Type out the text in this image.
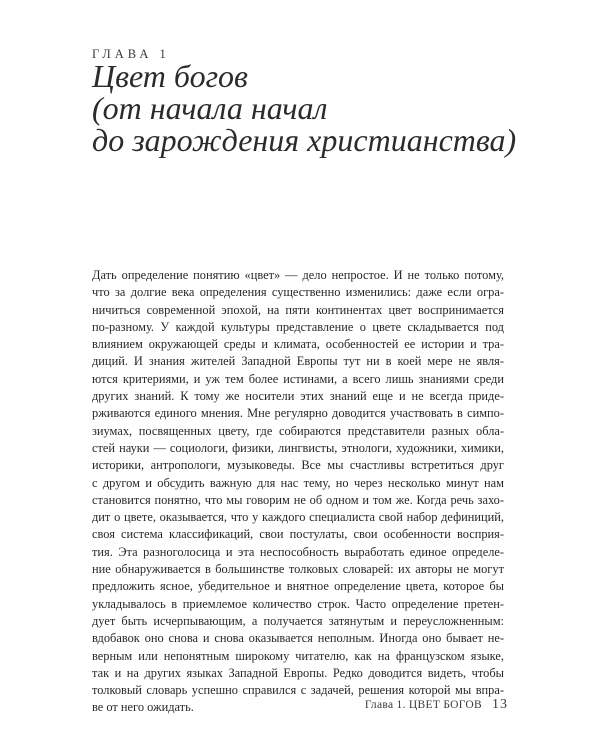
ГЛАВА 1
Цвет богов
(от начала начал
до зарождения христианства)
Дать определение понятию «цвет» — дело непростое. И не только потому,
что за долгие века определения существенно изменились: даже если огра-
ничиться современной эпохой, на пяти континентах цвет воспринимается
по-разному. У каждой культуры представление о цвете складывается под
влиянием окружающей среды и климата, особенностей ее истории и тра-
диций. И знания жителей Западной Европы тут ни в коей мере не явля-
ются критериями, и уж тем более истинами, а всего лишь знаниями среди
других знаний. К тому же носители этих знаний еще и не всегда приде-
рживаются единого мнения. Мне регулярно доводится участвовать в симпо-
зиумах, посвященных цвету, где собираются представители разных обла-
стей науки — социологи, физики, лингвисты, этнологи, художники, химики,
историки, антропологи, музыковеды. Все мы счастливы встретиться друг
с другом и обсудить важную для нас тему, но через несколько минут нам
становится понятно, что мы говорим не об одном и том же. Когда речь захо-
дит о цвете, оказывается, что у каждого специалиста свой набор дефиниций,
своя система классификаций, свои постулаты, свои особенности восприя-
тия. Эта разноголосица и эта неспособность выработать единое определе-
ние обнаруживается в большинстве толковых словарей: их авторы не могут
предложить ясное, убедительное и внятное определение цвета, которое бы
укладывалось в приемлемое количество строк. Часто определение претен-
дует быть исчерпывающим, а получается затянутым и переусложненным:
вдобавок оно снова и снова оказывается неполным. Иногда оно бывает не-
верным или непонятным широкому читателю, как на французском языке,
так и на других языках Западной Европы. Редко доводится видеть, чтобы
толковый словарь успешно справился с задачей, решения которой мы впра-
ве от него ожидать.	Глава 1. ЦВЕТ БОГОВ 13
